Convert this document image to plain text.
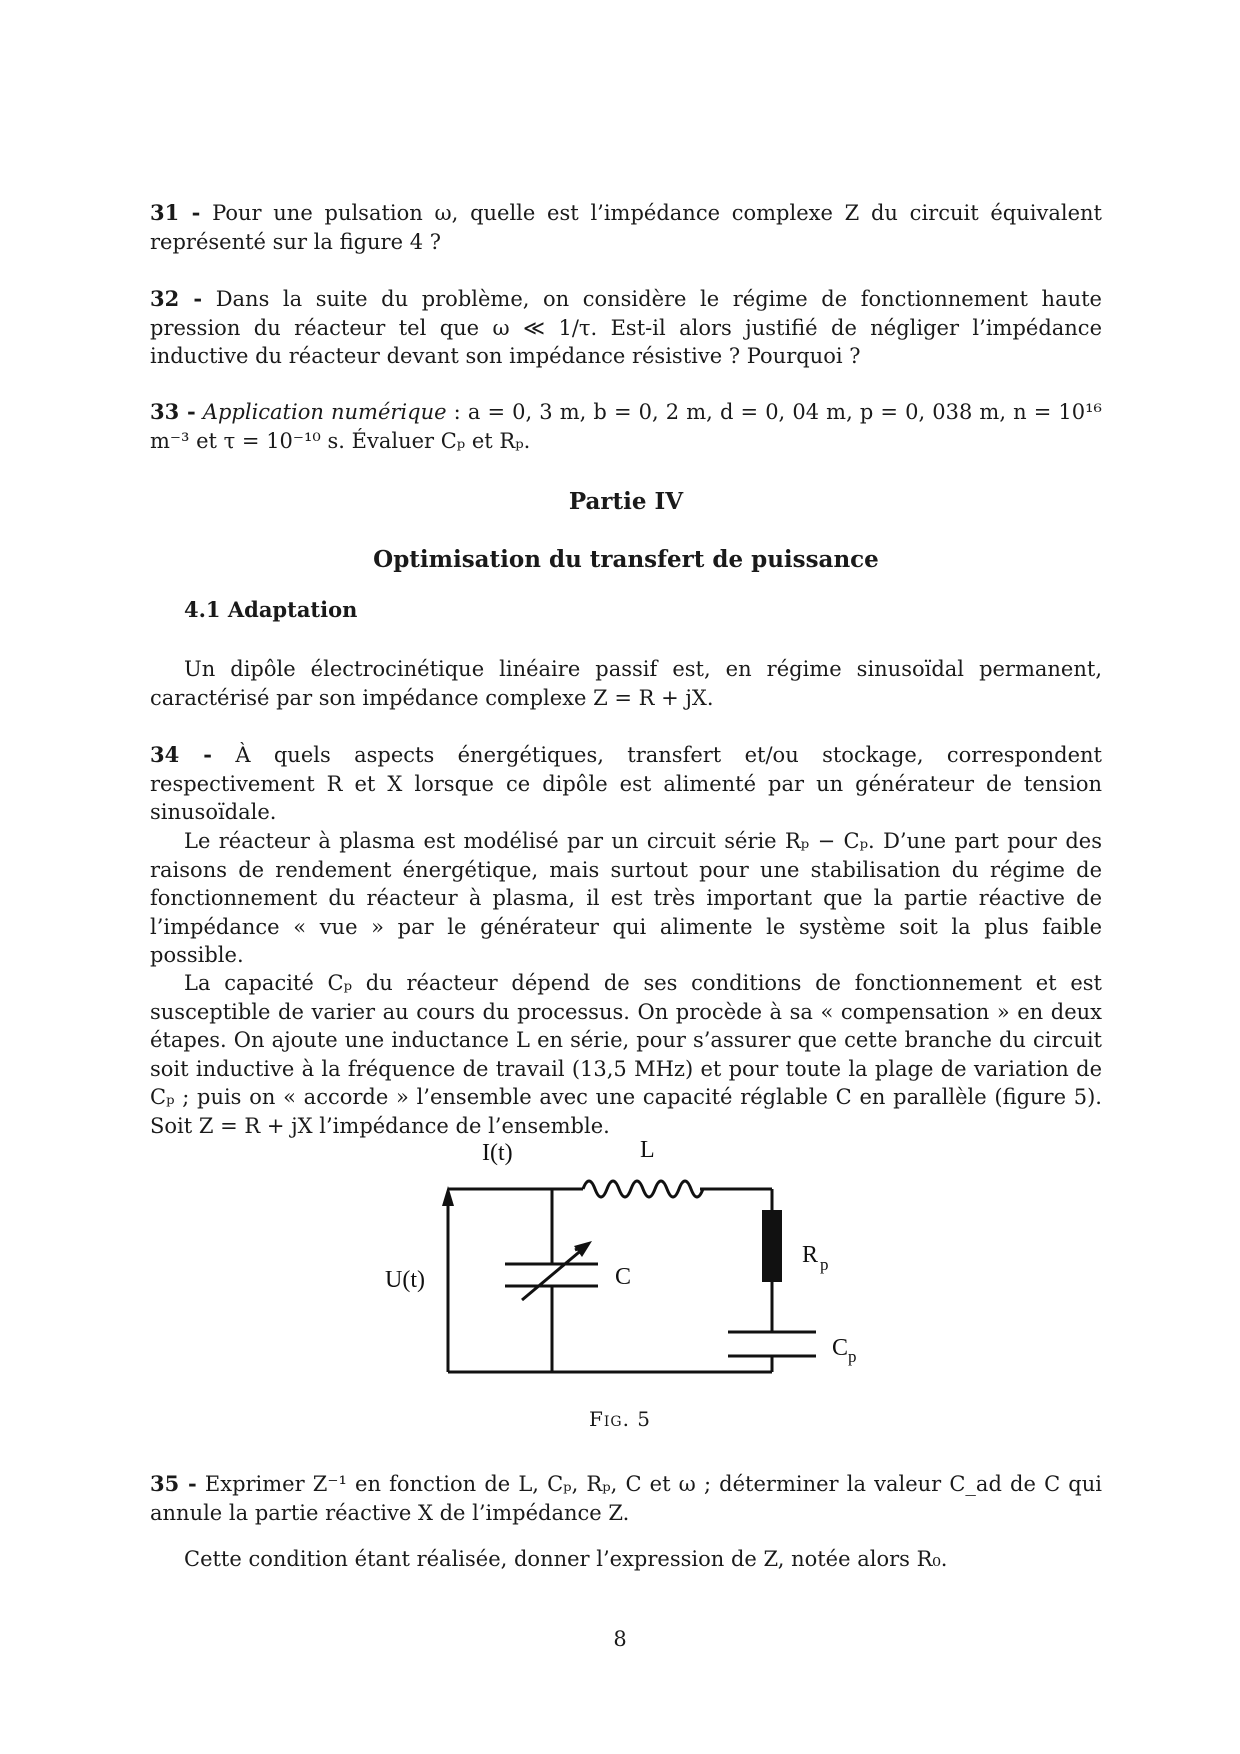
31 - Pour une pulsation ω, quelle est l’impédance complexe Z du circuit équivalent représenté sur la figure 4 ?
32 - Dans la suite du problème, on considère le régime de fonctionnement haute pression du réacteur tel que ω ≪ 1/τ. Est-il alors justifié de négliger l’impédance inductive du réacteur devant son impédance résistive ? Pourquoi ?
33 - Application numérique : a = 0, 3 m, b = 0, 2 m, d = 0, 04 m, p = 0, 038 m, n = 10¹⁶ m⁻³ et τ = 10⁻¹⁰ s. Évaluer Cₚ et Rₚ.
Partie IV
Optimisation du transfert de puissance
4.1 Adaptation
Un dipôle électrocinétique linéaire passif est, en régime sinusoïdal permanent, caractérisé par son impédance complexe Z = R + jX.
34 - À quels aspects énergétiques, transfert et/ou stockage, correspondent respectivement R et X lorsque ce dipôle est alimenté par un générateur de tension sinusoïdale.
Le réacteur à plasma est modélisé par un circuit série Rₚ − Cₚ. D’une part pour des raisons de rendement énergétique, mais surtout pour une stabilisation du régime de fonctionnement du réacteur à plasma, il est très important que la partie réactive de l’impédance « vue » par le générateur qui alimente le système soit la plus faible possible.
La capacité Cₚ du réacteur dépend de ses conditions de fonctionnement et est susceptible de varier au cours du processus. On procède à sa « compensation » en deux étapes. On ajoute une inductance L en série, pour s’assurer que cette branche du circuit soit inductive à la fréquence de travail (13,5 MHz) et pour toute la plage de variation de Cₚ ; puis on « accorde » l’ensemble avec une capacité réglable C en parallèle (figure 5). Soit Z = R + jX l’impédance de l’ensemble.
I(t)	L
U(t)	C
R p
C p
Fig. 5
35 - Exprimer Z⁻¹ en fonction de L, Cₚ, Rₚ, C et ω ; déterminer la valeur C_ad de C qui annule la partie réactive X de l’impédance Z.
Cette condition étant réalisée, donner l’expression de Z, notée alors R₀.
8
